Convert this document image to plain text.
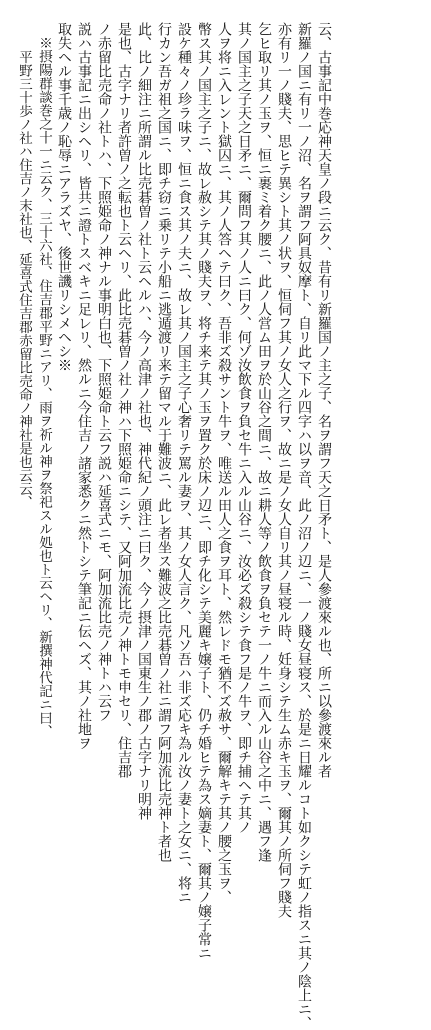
云、古事記中巻応神天皇ノ段ニ云ク、昔有リ新羅国ノ主之子、名ヲ謂フ天之日矛ト、是人參渡來ル也、所ニ以參渡來ル者
新羅ノ国ニ有リ一ノ沼、名ヲ謂フ阿具奴摩ト、自リ此マ下ル四字ハ以ヲ音、此ノ沼ノ辺ニ、一ノ賤女昼寝ス、於是ニ日耀ルコト如クシテ虹ノ指スニ其ノ陰上ニ、
亦有リ一ノ賤夫、思ヒテ異シト其ノ状ヲ、恒伺フ其ノ女人之行ヲ、故ニ是ノ女人自リ其ノ昼寝ル時、妊身シテ生ム赤キ玉ヲ、爾其ノ所伺フ賤夫
乞ヒ取リ其ノ玉ヲ、恒ニ裹ミ着ク腰ニ、此ノ人営ム田ヲ於山谷之間ニ、故ニ耕人等ノ飲食ヲ負セテ一ノ牛ニ而入ル山谷之中ニ、遇フ逢
其ノ国主之子天之日矛ニ、爾問フ其ノ人ニ曰ク、何ゾ汝飲食ヲ負セ牛ニ入ル山谷ニ、汝必ズ殺シテ食フ是ノ牛ヲ、即チ捕ヘテ其ノ
人ヲ将ニ入レント獄囚ニ、其ノ人答ヘテ曰ク、吾非ズ殺サント牛ヲ、唯送ル田人之食ヲ耳ト、然レドモ猶不ズ赦サ、爾解キテ其ノ腰之玉ヲ、
幣ス其ノ国主之子ニ、故レ赦シテ其ノ賤夫ヲ、将チ来テ其ノ玉ヲ置ク於床ノ辺ニ、即チ化シテ美麗キ嬢子ト、仍チ婚ヒテ為ス嫡妻ト、爾其ノ嬢子常ニ
設ケ種々ノ珍ラ味ヲ、恒ニ食ス其ノ夫ニ、故レ其ノ国主之子心奢リテ罵ル妻ヲ、其ノ女人言ク、凡ソ吾ハ非ズ応キ為ル汝ノ妻ト之女ニ、将ニ
行カン吾ガ祖之国ニ、即チ窃ニ乗リテ小船ニ逃遁渡リ来テ留マル于難波ニ、此レ者坐ス難波之比売碁曽ノ社ニ謂フ阿加流比売神ト者也
此、比ノ細注ニ所謂ル比売碁曽ノ社ト云ヘルハ、今ノ高津ノ社也、神代紀ノ頭注ニ曰ク、今ノ摂津ノ国東生ノ郡ノ古字ナリ明神
是也、古字ナリ者許曽ノ之転也ト云ヘリ、此比売碁曽ノ社ノ神ハ下照姫命ニシテ、又阿加流比売ノ神トモ申セリ、住吉郡
ノ赤留比売命ノ社トハ、下照姫命ノ神ナル事明白也、下照姫命ト云フ説ハ延喜式ニモ、阿加流比売ノ神トハ云フ
説ハ古事記ニ出シヘリ、皆共ニ證トスベキニ足レリ、然ルニ今住吉ノ諸家悉クニ然トシテ筆記ニ伝ヘズ、其ノ社地ヲ
取失ヘル事千歳ノ恥辱ニアラズヤ、後世譏リシメヘシ※
※摂陽群談巻之十一ニ云ク、三十六社、住吉郡平野ニアリ、雨ヲ祈ル神ヲ祭祀スル処也ト云ヘリ、新撰神代記ニ曰、
平野三十歩ノ社ハ住吉ノ末社也、延喜式住吉郡赤留比売命ノ神社是也云云、
